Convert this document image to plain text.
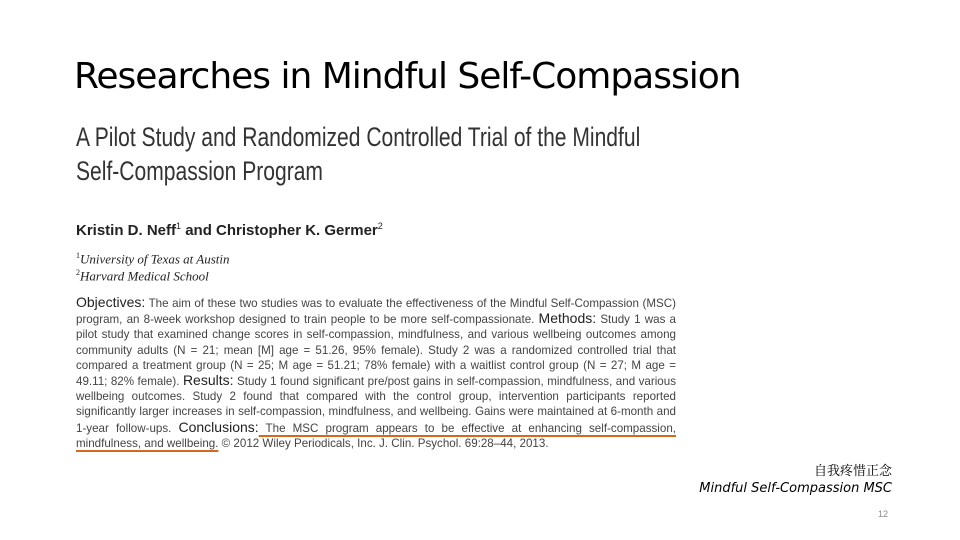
Researches in Mindful Self-Compassion
A Pilot Study and Randomized Controlled Trial of the Mindful
Self-Compassion Program
Kristin D. Neff$^1$ and Christopher K. Germer$^2$
$^1$University of Texas at Austin
$^2$Harvard Medical School
Objectives: The aim of these two studies was to evaluate the effectiveness of the Mindful Self-Compassion (MSC) program, an 8-week workshop designed to train people to be more self-compassionate. Methods: Study 1 was a pilot study that examined change scores in self-compassion, mindfulness, and various wellbeing outcomes among community adults (N = 21; mean [M] age = 51.26, 95% female). Study 2 was a randomized controlled trial that compared a treatment group (N = 25; M age = 51.21; 78% female) with a waitlist control group (N = 27; M age = 49.11; 82% female). Results: Study 1 found significant pre/post gains in self-compassion, mindfulness, and various wellbeing outcomes. Study 2 found that compared with the control group, intervention participants reported significantly larger increases in self-compassion, mindfulness, and wellbeing. Gains were maintained at 6-month and 1-year follow-ups. Conclusions: The MSC program appears to be effective at enhancing self-compassion, mindfulness, and wellbeing. © 2012 Wiley Periodicals, Inc. J. Clin. Psychol. 69:28–44, 2013.
自我疼惜正念
Mindful Self-Compassion MSC
12
